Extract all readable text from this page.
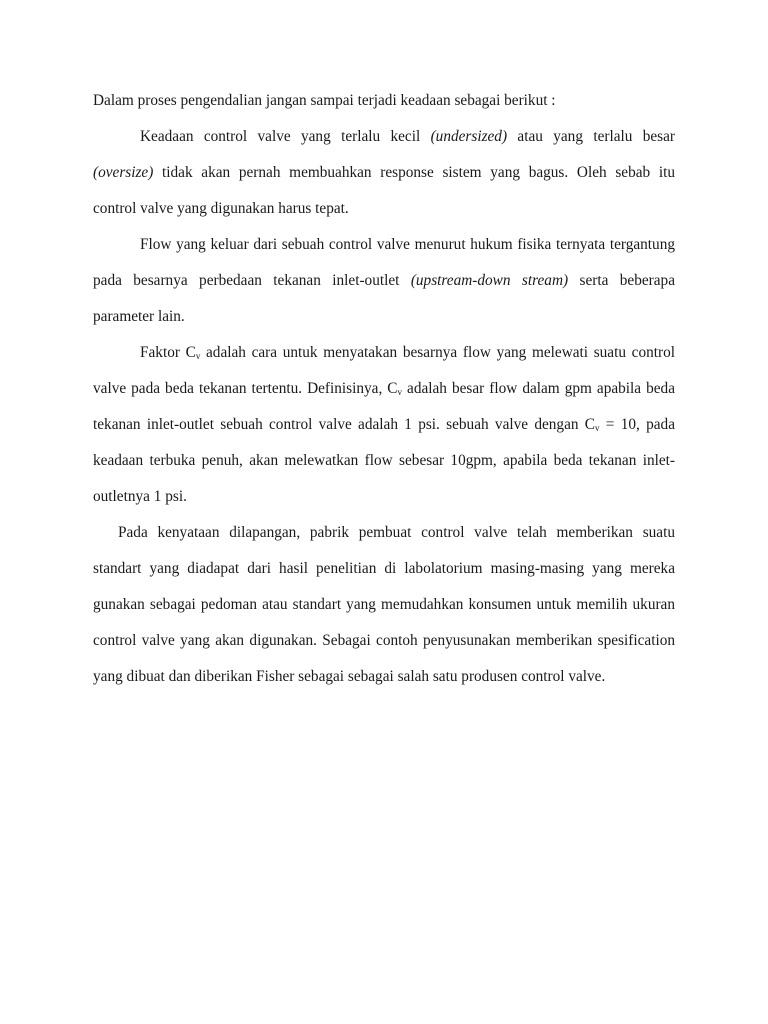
Dalam proses pengendalian jangan sampai terjadi keadaan sebagai berikut :
Keadaan control valve yang terlalu kecil (undersized) atau yang terlalu besar
(oversize) tidak akan pernah membuahkan response sistem yang bagus. Oleh sebab itu
control valve yang digunakan harus tepat.
Flow yang keluar dari sebuah control valve menurut hukum fisika ternyata tergantung
pada besarnya perbedaan tekanan inlet-outlet (upstream-down stream) serta beberapa
parameter lain.
Faktor $C_v$ adalah cara untuk menyatakan besarnya flow yang melewati suatu control
valve pada beda tekanan tertentu. Definisinya, $C_v$ adalah besar flow dalam gpm apabila beda
tekanan inlet-outlet sebuah control valve adalah 1 psi. sebuah valve dengan $C_v = 10$, pada
keadaan terbuka penuh, akan melewatkan flow sebesar 10gpm, apabila beda tekanan inlet-
outletnya 1 psi.
Pada kenyataan dilapangan, pabrik pembuat control valve telah memberikan suatu
standart yang diadapat dari hasil penelitian di labolatorium masing-masing yang mereka
gunakan sebagai pedoman atau standart yang memudahkan konsumen untuk memilih ukuran
control valve yang akan digunakan. Sebagai contoh penyusunakan memberikan spesification
yang dibuat dan diberikan Fisher sebagai sebagai salah satu produsen control valve.
